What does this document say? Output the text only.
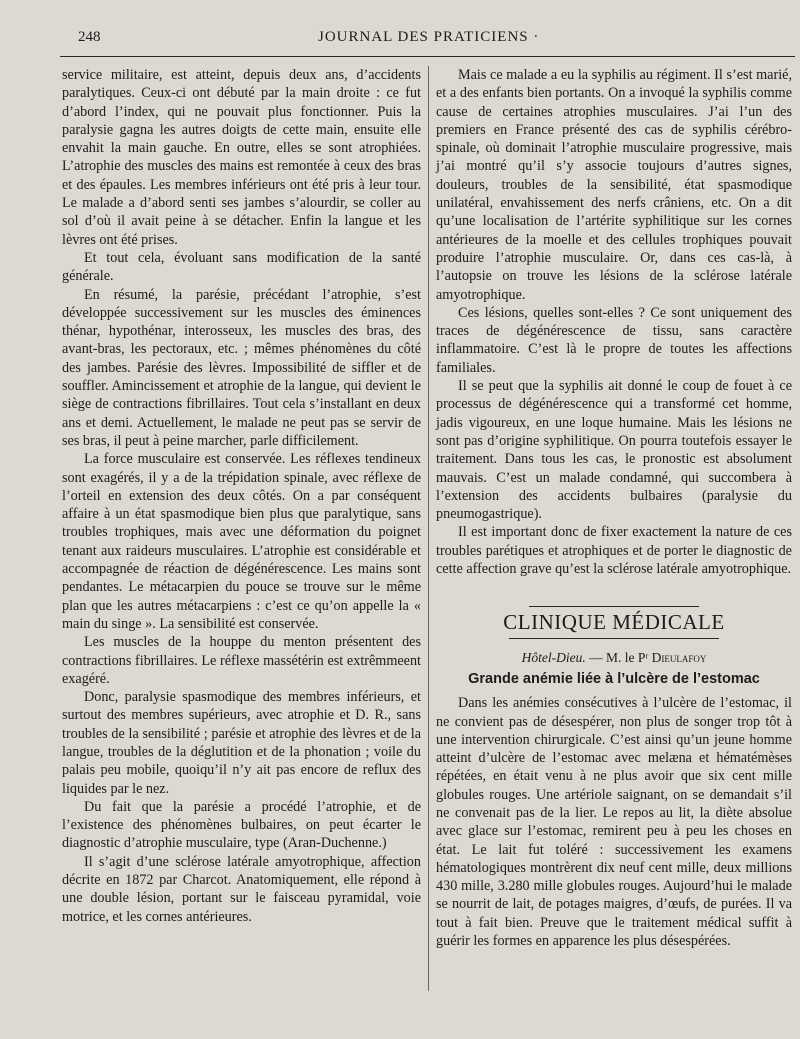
248	JOURNAL DES PRATICIENS ·

service militaire, est atteint, depuis deux ans, d’accidents paralytiques. Ceux-ci ont débuté par la main droite : ce fut d’abord l’index, qui ne pouvait plus fonctionner. Puis la paralysie gagna les autres doigts de cette main, ensuite elle envahit la main gauche. En outre, elles se sont atrophiées. L’atrophie des muscles des mains est remontée à ceux des bras et des épaules. Les membres inférieurs ont été pris à leur tour. Le malade a d’abord senti ses jambes s’alourdir, se coller au sol d’où il avait peine à se détacher. Enfin la langue et les lèvres ont été prises.

Et tout cela, évoluant sans modification de la santé générale.

En résumé, la parésie, précédant l’atrophie, s’est développée successivement sur les muscles des éminences thénar, hypothénar, interosseux, les muscles des bras, des avant-bras, les pectoraux, etc. ; mêmes phénomènes du côté des jambes. Parésie des lèvres. Impossibilité de siffler et de souffler. Amincissement et atrophie de la langue, qui devient le siège de contractions fibrillaires. Tout cela s’installant en deux ans et demi. Actuellement, le malade ne peut pas se servir de ses bras, il peut à peine marcher, parle difficilement.

La force musculaire est conservée. Les réflexes tendineux sont exagérés, il y a de la trépidation spinale, avec réflexe de l’orteil en extension des deux côtés. On a par conséquent affaire à un état spasmodique bien plus que paralytique, sans troubles trophiques, mais avec une déformation du poignet tenant aux raideurs musculaires. L’atrophie est considérable et accompagnée de réaction de dégénérescence. Les mains sont pendantes. Le métacarpien du pouce se trouve sur le même plan que les autres métacarpiens : c’est ce qu’on appelle la « main du singe ». La sensibilité est conservée.

Les muscles de la houppe du menton présentent des contractions fibrillaires. Le réflexe massétérin est extrêmmeent exagéré.

Donc, paralysie spasmodique des membres inférieurs, et surtout des membres supérieurs, avec atrophie et D. R., sans troubles de la sensibilité ; parésie et atrophie des lèvres et de la langue, troubles de la déglutition et de la phonation ; voile du palais peu mobile, quoiqu’il n’y ait pas encore de reflux des liquides par le nez.

Du fait que la parésie a procédé l’atrophie, et de l’existence des phénomènes bulbaires, on peut écarter le diagnostic d’atrophie musculaire, type (Aran-Duchenne.)

Il s’agit d’une sclérose latérale amyotrophique, affection décrite en 1872 par Charcot. Anatomiquement, elle répond à une double lésion, portant sur le faisceau pyramidal, voie motrice, et les cornes antérieures.

Mais ce malade a eu la syphilis au régiment. Il s’est marié, et a des enfants bien portants. On a invoqué la syphilis comme cause de certaines atrophies musculaires. J’ai l’un des premiers en France présenté des cas de syphilis cérébro-spinale, où dominait l’atrophie musculaire progressive, mais j’ai montré qu’il s’y associe toujours d’autres signes, douleurs, troubles de la sensibilité, état spasmodique unilatéral, envahissement des nerfs crâniens, etc. On a dit qu’une localisation de l’artérite syphilitique sur les cornes antérieures de la moelle et des cellules trophiques pouvait produire l’atrophie musculaire. Or, dans ces cas-là, à l’autopsie on trouve les lésions de la sclérose latérale amyotrophique.

Ces lésions, quelles sont-elles ? Ce sont uniquement des traces de dégénérescence de tissu, sans caractère inflammatoire. C’est là le propre de toutes les affections familiales.

Il se peut que la syphilis ait donné le coup de fouet à ce processus de dégénérescence qui a transformé cet homme, jadis vigoureux, en une loque humaine. Mais les lésions ne sont pas d’origine syphilitique. On pourra toutefois essayer le traitement. Dans tous les cas, le pronostic est absolument mauvais. C’est un malade condamné, qui succombera à l’extension des accidents bulbaires (paralysie du pneumogastrique).

Il est important donc de fixer exactement la nature de ces troubles parétiques et atrophiques et de porter le diagnostic de cette affection grave qu’est la sclérose latérale amyotrophique.

CLINIQUE MÉDICALE
Hôtel-Dieu. — M. le Pʳ Dieulafoy
Grande anémie liée à l’ulcère de l’estomac

Dans les anémies consécutives à l’ulcère de l’estomac, il ne convient pas de désespérer, non plus de songer trop tôt à une intervention chirurgicale. C’est ainsi qu’un jeune homme atteint d’ulcère de l’estomac avec melæna et hématémèses répétées, en était venu à ne plus avoir que six cent mille globules rouges. Une artériole saignant, on se demandait s’il ne convenait pas de la lier. Le repos au lit, la diète absolue avec glace sur l’estomac, remirent peu à peu les choses en état. Le lait fut toléré : successivement les examens hématologiques montrèrent dix neuf cent mille, deux millions 430 mille, 3.280 mille globules rouges. Aujourd’hui le malade se nourrit de lait, de potages maigres, d’œufs, de purées. Il va tout à fait bien. Preuve que le traitement médical suffit à guérir les formes en apparence les plus désespérées.
